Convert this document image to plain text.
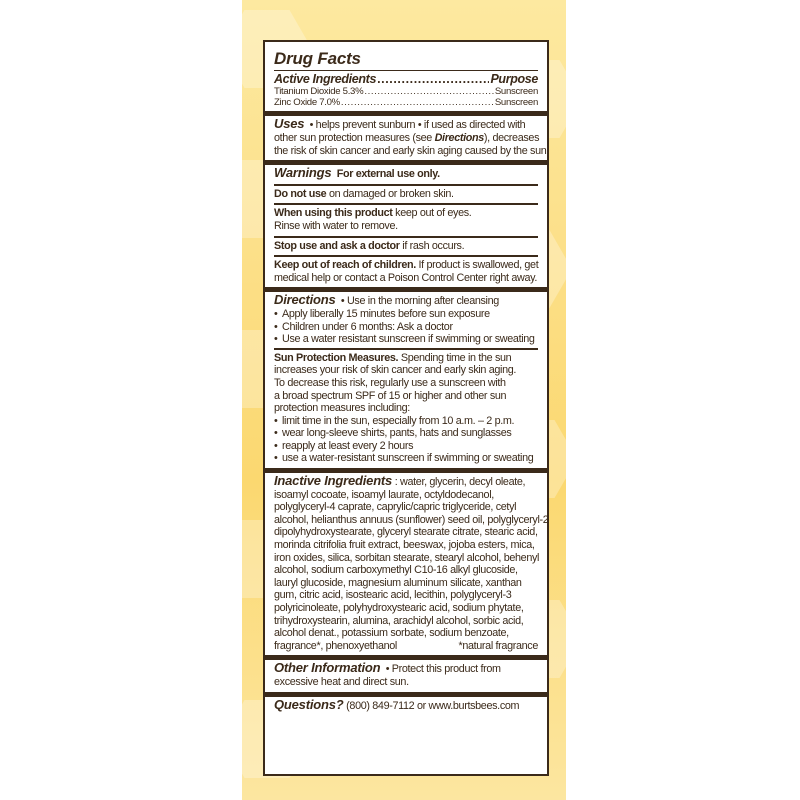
Drug Facts
Active Ingredients .....	Purpose
Titanium Dioxide 5.3% .....	Sunscreen
Zinc Oxide 7.0% .....	Sunscreen
Uses • helps prevent sunburn • if used as directed with
other sun protection measures (see Directions), decreases
the risk of skin cancer and early skin aging caused by the sun
Warnings For external use only.
Do not use on damaged or broken skin.
When using this product keep out of eyes.
Rinse with water to remove.
Stop use and ask a doctor if rash occurs.
Keep out of reach of children. If product is swallowed, get
medical help or contact a Poison Control Center right away.
Directions • Use in the morning after cleansing
• Apply liberally 15 minutes before sun exposure
• Children under 6 months: Ask a doctor
• Use a water resistant sunscreen if swimming or sweating
Sun Protection Measures. Spending time in the sun
increases your risk of skin cancer and early skin aging.
To decrease this risk, regularly use a sunscreen with
a broad spectrum SPF of 15 or higher and other sun
protection measures including:
• limit time in the sun, especially from 10 a.m. – 2 p.m.
• wear long-sleeve shirts, pants, hats and sunglasses
• reapply at least every 2 hours
• use a water-resistant sunscreen if swimming or sweating
Inactive Ingredients : water, glycerin, decyl oleate,
isoamyl cocoate, isoamyl laurate, octyldodecanol,
polyglyceryl-4 caprate, caprylic/capric triglyceride, cetyl
alcohol, helianthus annuus (sunflower) seed oil, polyglyceryl-2
dipolyhydroxystearate, glyceryl stearate citrate, stearic acid,
morinda citrifolia fruit extract, beeswax, jojoba esters, mica,
iron oxides, silica, sorbitan stearate, stearyl alcohol, behenyl
alcohol, sodium carboxymethyl C10-16 alkyl glucoside,
lauryl glucoside, magnesium aluminum silicate, xanthan
gum, citric acid, isostearic acid, lecithin, polyglyceryl-3
polyricinoleate, polyhydroxystearic acid, sodium phytate,
trihydroxystearin, alumina, arachidyl alcohol, sorbic acid,
alcohol denat., potassium sorbate, sodium benzoate,
fragrance*, phenoxyethanol	*natural fragrance
Other Information • Protect this product from
excessive heat and direct sun.
Questions? (800) 849-7112 or www.burtsbees.com
